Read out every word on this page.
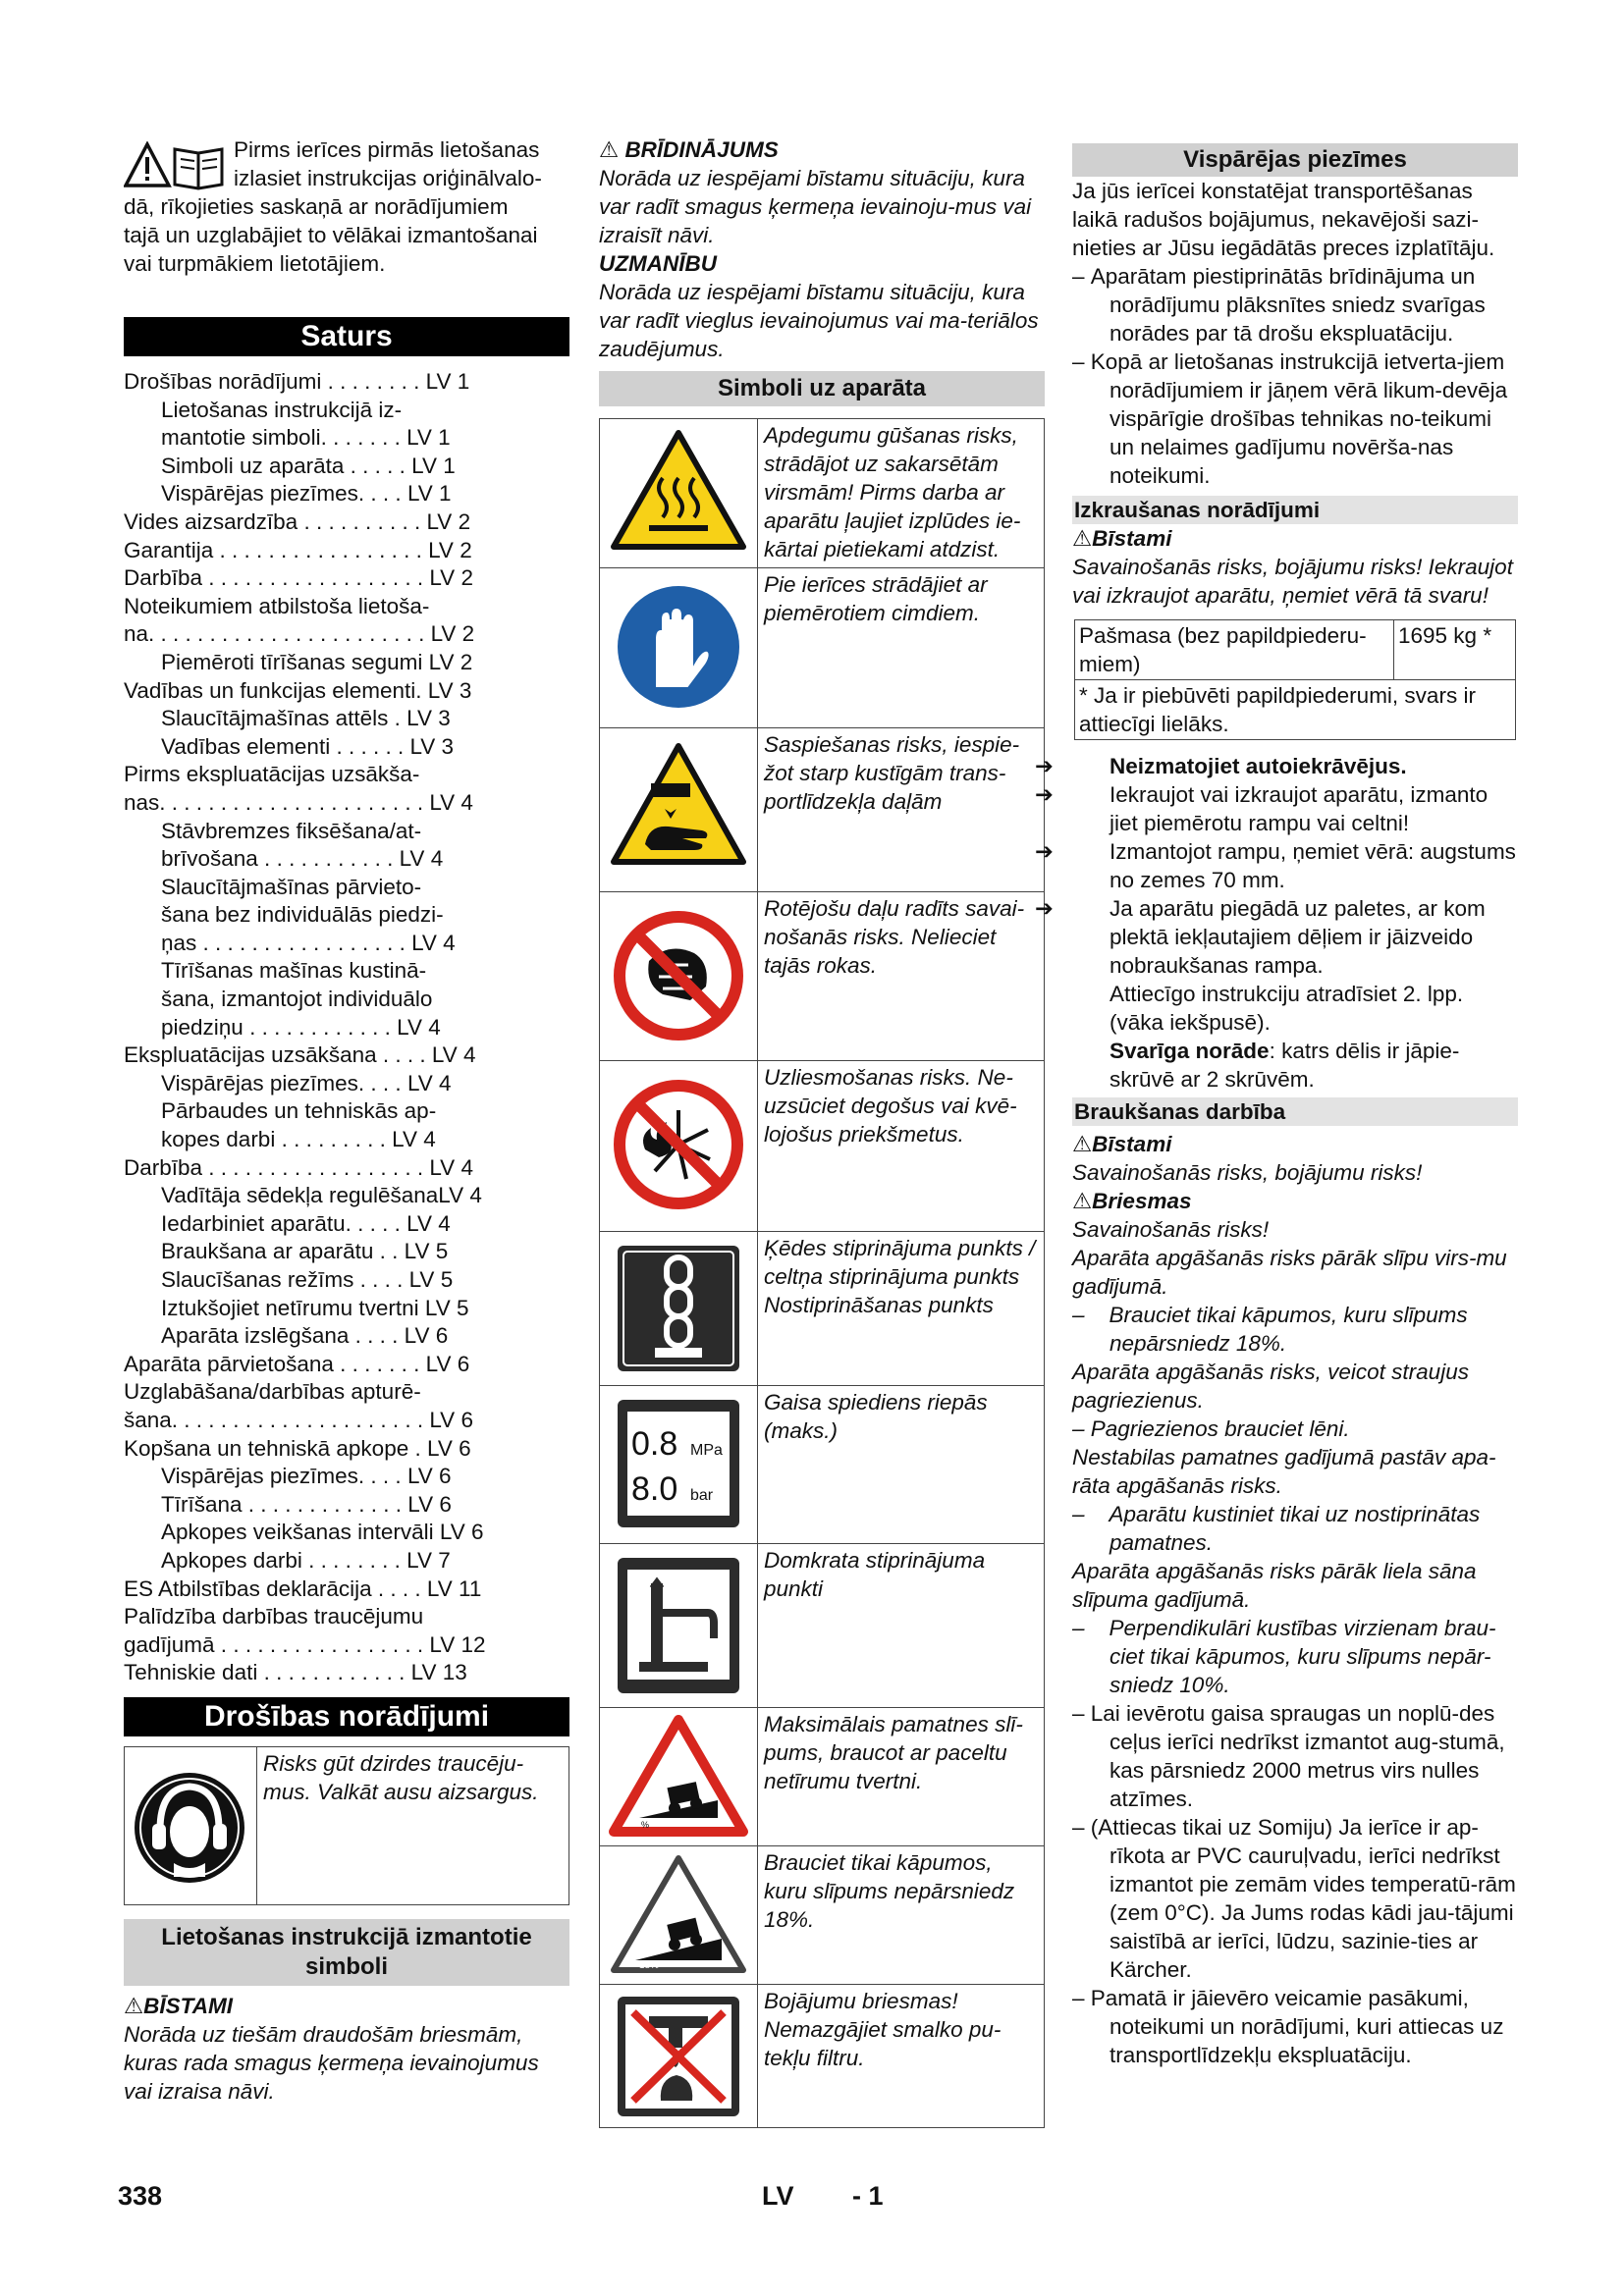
Pirms ierīces pirmās lietošanas
izlasiet instrukcijas oriģinālvalo-
dā, rīkojieties saskaņā ar norādījumiem
tajā un uzglabājiet to vēlākai izmantošanai
vai turpmākiem lietotājiem.
Saturs
Drošības norādījumi . . . . . . . . LV 1
Lietošanas instrukcijā iz-
mantotie simboli. . . . . . . LV 1
Simboli uz aparāta . . . . . LV 1
Vispārējas piezīmes. . . . LV 1
Vides aizsardzība . . . . . . . . . . LV 2
Garantija . . . . . . . . . . . . . . . . . LV 2
Darbība . . . . . . . . . . . . . . . . . . LV 2
Noteikumiem atbilstoša lietoša-
na. . . . . . . . . . . . . . . . . . . . . . . LV 2
Piemēroti tīrīšanas segumi LV 2
Vadības un funkcijas elementi. LV 3
Slaucītājmašīnas attēls . LV 3
Vadības elementi . . . . . . LV 3
Pirms ekspluatācijas uzsākša-
nas. . . . . . . . . . . . . . . . . . . . . . LV 4
Stāvbremzes fiksēšana/at-
brīvošana . . . . . . . . . . . LV 4
Slaucītājmašīnas pārvieto-
šana bez individuālās piedzi-
ņas . . . . . . . . . . . . . . . . . LV 4
Tīrīšanas mašīnas kustinā-
šana, izmantojot individuālo
piedziņu . . . . . . . . . . . . LV 4
Ekspluatācijas uzsākšana . . . . LV 4
Vispārējas piezīmes. . . . LV 4
Pārbaudes un tehniskās ap-
kopes darbi . . . . . . . . . LV 4
Darbība . . . . . . . . . . . . . . . . . . LV 4
Vadītāja sēdekļa regulēšanaLV 4
Iedarbiniet aparātu. . . . . LV 4
Braukšana ar aparātu . . LV 5
Slaucīšanas režīms . . . . LV 5
Iztukšojiet netīrumu tvertni LV 5
Aparāta izslēgšana . . . . LV 6
Aparāta pārvietošana . . . . . . . LV 6
Uzglabāšana/darbības apturē-
šana. . . . . . . . . . . . . . . . . . . . . LV 6
Kopšana un tehniskā apkope . LV 6
Vispārējas piezīmes. . . . LV 6
Tīrīšana . . . . . . . . . . . . . LV 6
Apkopes veikšanas intervāli LV 6
Apkopes darbi . . . . . . . . LV 7
ES Atbilstības deklarācija . . . . LV 11
Palīdzība darbības traucējumu
gadījumā . . . . . . . . . . . . . . . . . LV 12
Tehniskie dati . . . . . . . . . . . . LV 13
Drošības norādījumi
	Risks gūt dzirdes traucēju-mus. Valkāt ausu aizsargus.
Lietošanas instrukcijā izmantotie simboli
⚠BĪSTAMI
Norāda uz tiešām draudošām briesmām, kuras rada smagus ķermeņa ievainojumus vai izraisa nāvi.
⚠ BRĪDINĀJUMS
Norāda uz iespējami bīstamu situāciju, kura var radīt smagus ķermeņa ievainoju-mus vai izraisīt nāvi.
UZMANĪBU
Norāda uz iespējami bīstamu situāciju, kura var radīt vieglus ievainojumus vai ma-teriālos zaudējumus.
Simboli uz aparāta
	Apdegumu gūšanas risks, strādājot uz sakarsētām virsmām! Pirms darba ar aparātu ļaujiet izplūdes ie-kārtai pietiekami atdzist.

	Pie ierīces strādājiet ar piemērotiem cimdiem.

	Saspiešanas risks, iespie-žot starp kustīgām trans-portlīdzekļa daļām

	Rotējošu daļu radīts savai-nošanās risks. Nelieciet tajās rokas.

	Uzliesmošanas risks. Ne-uzsūciet degošus vai kvē-lojošus priekšmetus.

	Ķēdes stiprinājuma punkts / celtņa stiprinājuma punkts
Nostiprināšanas punkts

0.8 MPa
8.0 bar	Gaisa spiediens riepās (maks.)

	Domkrata stiprinājuma punkti

%	Maksimālais pamatnes slī-pums, braucot ar paceltu netīrumu tvertni.

18%	Brauciet tikai kāpumos, kuru slīpums nepārsniedz 18%.

	Bojājumu briesmas! Nemazgājiet smalko pu-tekļu filtru.
Vispārējas piezīmes
Ja jūs ierīcei konstatējat transportēšanas laikā radušos bojājumus, nekavējoši sazi-nieties ar Jūsu iegādātās preces izplatītāju.
– Aparātam piestiprinātās brīdinājuma un norādījumu plāksnītes sniedz svarīgas norādes par tā drošu ekspluatāciju.
– Kopā ar lietošanas instrukcijā ietverta-jiem norādījumiem ir jāņem vērā likum-devēja vispārīgie drošības tehnikas no-teikumi un nelaimes gadījumu novērša-nas noteikumi.
Izkraušanas norādījumi
⚠Bīstami
Savainošanās risks, bojājumu risks! Iekraujot vai izkraujot aparātu, ņemiet vērā tā svaru!
Pašmasa (bez papildpiederu-miem)	1695 kg *
* Ja ir piebūvēti papildpiederumi, svars ir attiecīgi lielāks.
➔	Neizmatojiet autoiekrāvējus.
➔	Iekraujot vai izkraujot aparātu, izmanto jiet piemērotu rampu vai celtni!
➔	Izmantojot rampu, ņemiet vērā: augstums no zemes 70 mm.
➔	Ja aparātu piegādā uz paletes, ar kom plektā iekļautajiem dēļiem ir jāizveido nobraukšanas rampa.
Attiecīgo instrukciju atradīsiet 2. lpp. (vāka iekšpusē).
Svarīga norāde: katrs dēlis ir jāpie-skrūvē ar 2 skrūvēm.
Braukšanas darbība
⚠Bīstami
Savainošanās risks, bojājumu risks!
⚠Briesmas
Savainošanās risks!
Aparāta apgāšanās risks pārāk slīpu virs-mu gadījumā.
–    Brauciet tikai kāpumos, kuru slīpums nepārsniedz 18%.
Aparāta apgāšanās risks, veicot straujus pagriezienus.
– Pagriezienos brauciet lēni.
Nestabilas pamatnes gadījumā pastāv apa-rāta apgāšanās risks.
–    Aparātu kustiniet tikai uz nostiprinātas pamatnes.
Aparāta apgāšanās risks pārāk liela sāna slīpuma gadījumā.
–    Perpendikulāri kustības virzienam brau-ciet tikai kāpumos, kuru slīpums nepār-sniedz 10%.
– Lai ievērotu gaisa spraugas un noplū-des ceļus ierīci nedrīkst izmantot aug-stumā, kas pārsniedz 2000 metrus virs nulles atzīmes.
– (Attiecas tikai uz Somiju) Ja ierīce ir ap-rīkota ar PVC cauruļvadu, ierīci nedrīkst izmantot pie zemām vides temperatū-rām (zem 0°C). Ja Jums rodas kādi jau-tājumi saistībā ar ierīci, lūdzu, sazinie-ties ar Kärcher.
– Pamatā ir jāievēro veicamie pasākumi, noteikumi un norādījumi, kuri attiecas uz transportlīdzekļu ekspluatāciju.
338	LV - 1
